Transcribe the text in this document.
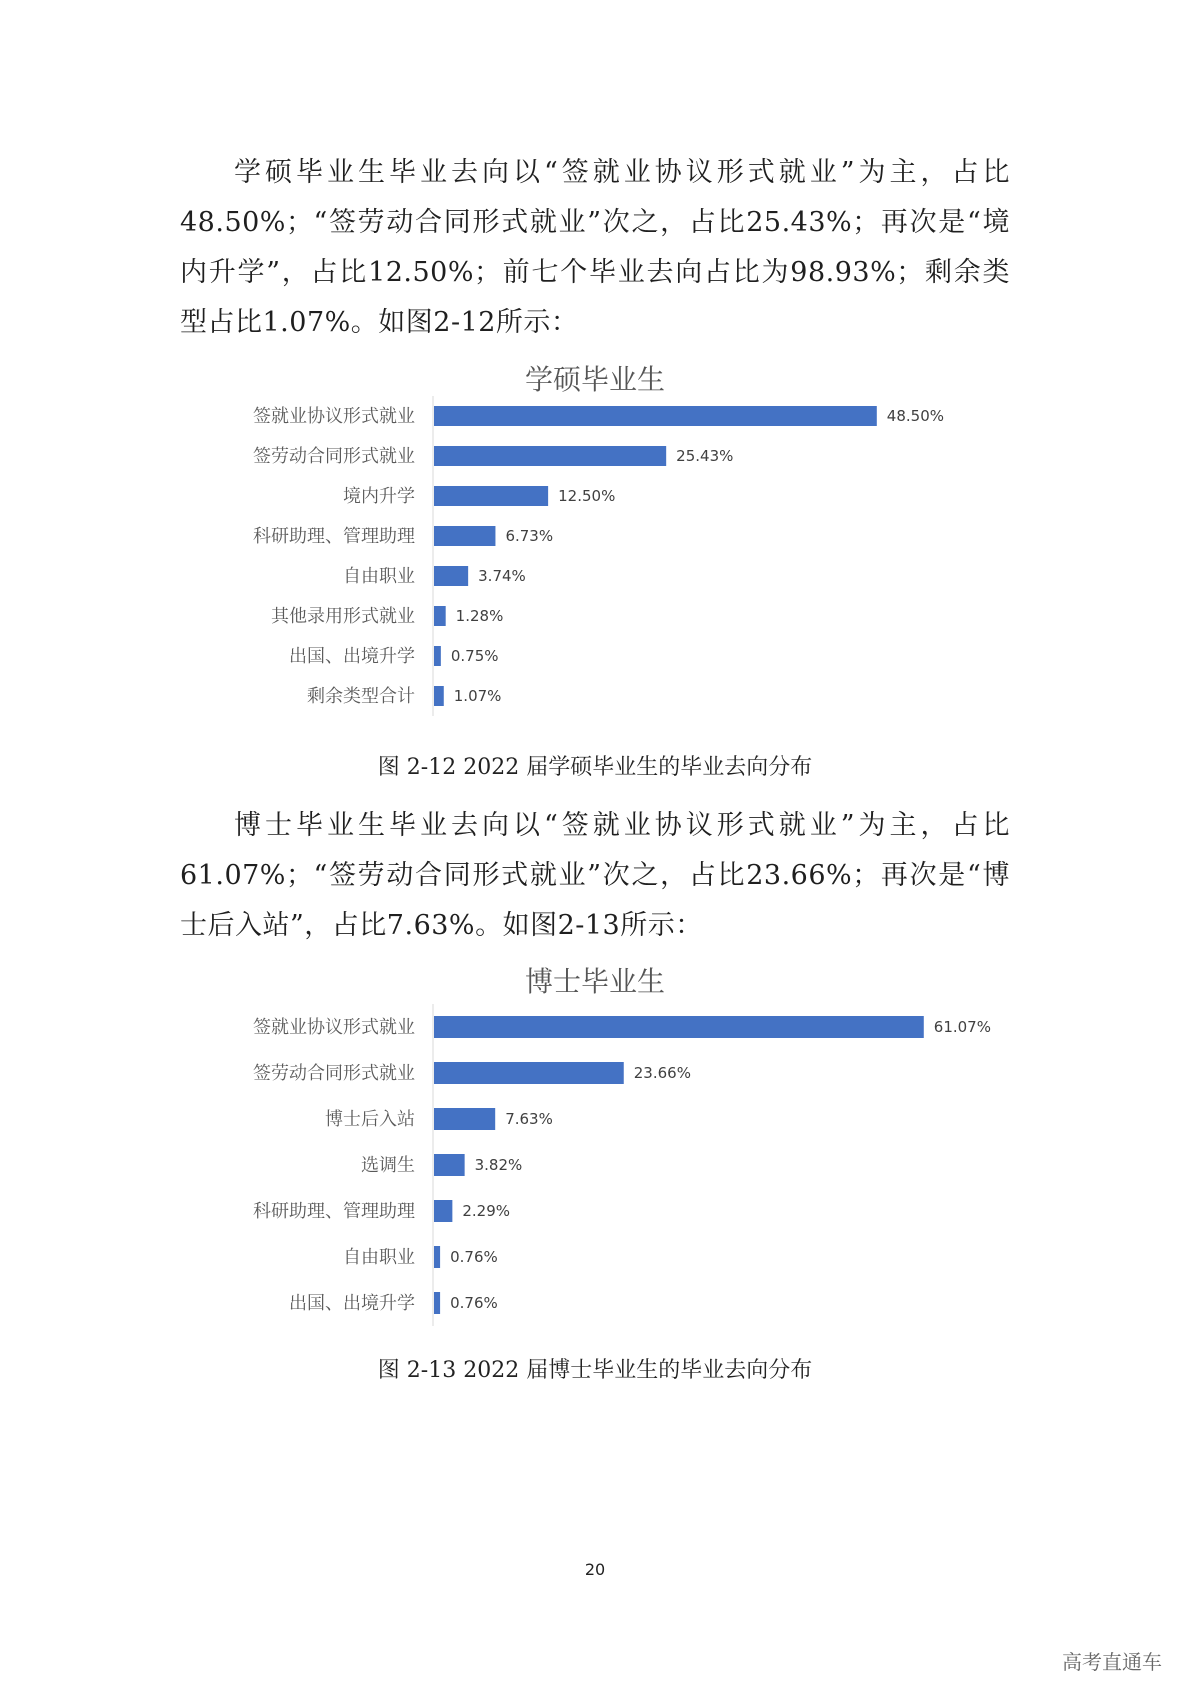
学硕毕业生毕业去向以“签就业协议形式就业”为主，占比48.50%；“签劳动合同形式就业”次之，占比25.43%；再次是“境内升学”，占比12.50%；前七个毕业去向占比为98.93%；剩余类型占比1.07%。如图2-12所示：

学硕毕业生
签就业协议形式就业	48.50%
签劳动合同形式就业	25.43%
境内升学	12.50%
科研助理、管理助理	6.73%
自由职业	3.74%
其他录用形式就业	1.28%
出国、出境升学 0.75%
剩余类型合计	1.07%

图 2-12 2022 届学硕毕业生的毕业去向分布

博士毕业生毕业去向以“签就业协议形式就业”为主，占比61.07%；“签劳动合同形式就业”次之，占比23.66%；再次是“博士后入站”，占比7.63%。如图2-13所示：

博士毕业生
签就业协议形式就业	61.07%
签劳动合同形式就业	23.66%
博士后入站	7.63%
选调生	3.82%
科研助理、管理助理	2.29%
自由职业 0.76%
出国、出境升学 0.76%

图 2-13 2022 届博士毕业生的毕业去向分布

20
高考直通车
